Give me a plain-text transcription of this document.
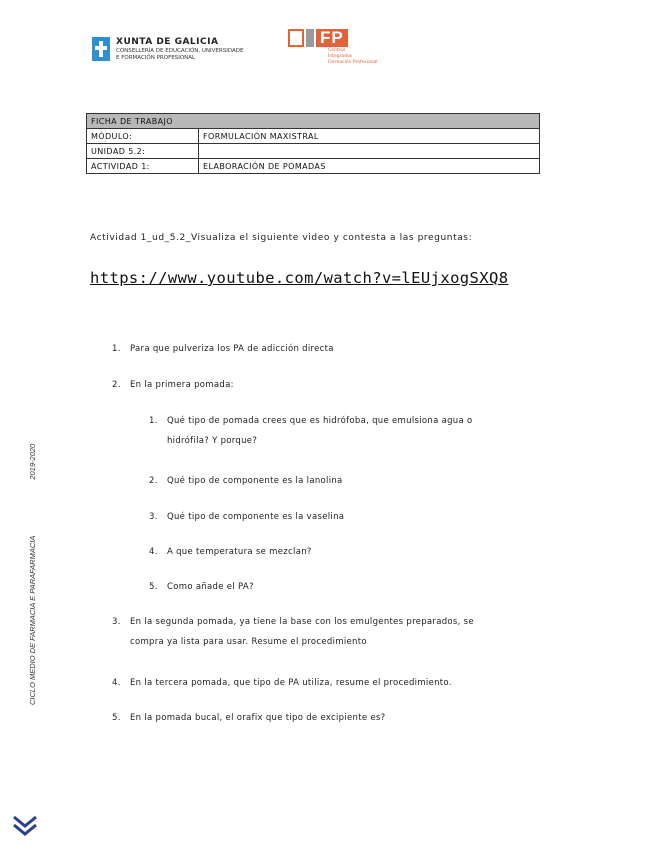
XUNTA DE GALICIA
CONSELLERÍA DE EDUCACIÓN, UNIVERSIDADE
E FORMACIÓN PROFESIONAL
FP
Centros
Integrados
Formación Profesional
FICHA DE TRABAJO	
MÓDULO:	FORMULACIÓN MAXISTRAL
UNIDAD 5.2:	
ACTIVIDAD 1:	ELABORACIÓN DE POMADAS
Actividad 1_ud_5.2_Visualiza el siguiente video y contesta a las preguntas:
https://www.youtube.com/watch?v=lEUjxogSXQ8
1. Para que pulveriza los PA de adicción directa
2. En la primera pomada:
1. Qué tipo de pomada crees que es hidrófoba, que emulsiona agua o
hidrófila? Y porque?
2. Qué tipo de componente es la lanolina
3. Qué tipo de componente es la vaselina
4. A que temperatura se mezclan?
5. Como añade el PA?
3. En la segunda pomada, ya tiene la base con los emulgentes preparados, se
compra ya lista para usar. Resume el procedimiento
4. En la tercera pomada, que tipo de PA utiliza, resume el procedimiento.
5. En la pomada bucal, el orafix que tipo de excipiente es?
CICLO MEDIO DE FARMACIA E PARAFARMACIA2019-2020
